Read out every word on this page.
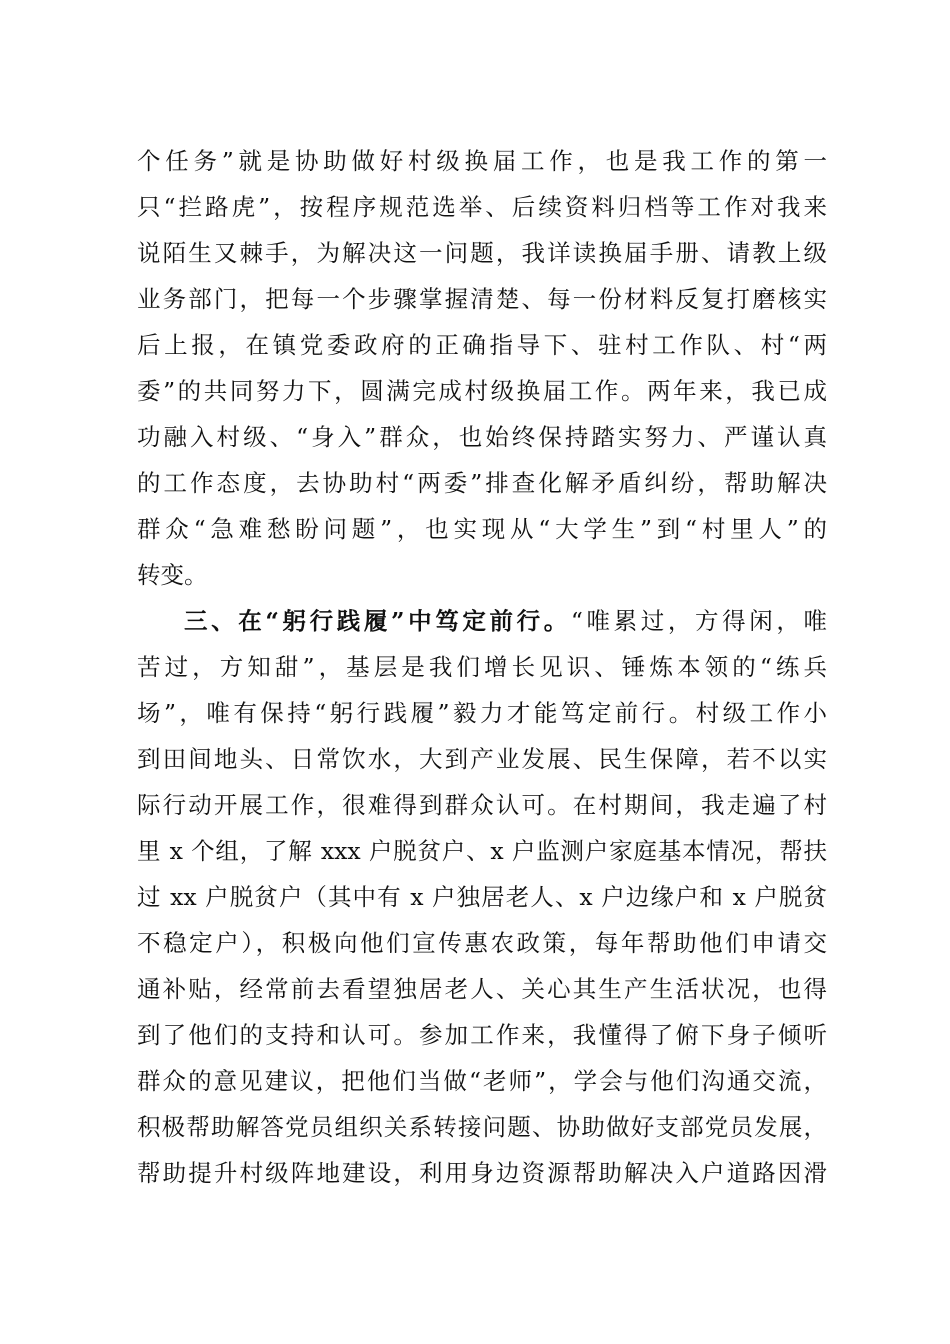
个任务”就是协助做好村级换届工作，也是我工作的第一
只“拦路虎”，按程序规范选举、后续资料归档等工作对我来
说陌生又棘手，为解决这一问题，我详读换届手册、请教上级
业务部门，把每一个步骤掌握清楚、每一份材料反复打磨核实
后上报，在镇党委政府的正确指导下、驻村工作队、村“两
委”的共同努力下，圆满完成村级换届工作。两年来，我已成
功融入村级、“身入”群众，也始终保持踏实努力、严谨认真
的工作态度，去协助村“两委”排查化解矛盾纠纷，帮助解决
群众“急难愁盼问题”，也实现从“大学生”到“村里人”的
转变。
三、在“躬行践履”中笃定前行。“唯累过，方得闲，唯
苦过，方知甜”，基层是我们增长见识、锤炼本领的“练兵
场”，唯有保持“躬行践履”毅力才能笃定前行。村级工作小
到田间地头、日常饮水，大到产业发展、民生保障，若不以实
际行动开展工作，很难得到群众认可。在村期间，我走遍了村
里 x 个组，了解 xxx 户脱贫户、x 户监测户家庭基本情况，帮扶
过 xx 户脱贫户（其中有 x 户独居老人、x 户边缘户和 x 户脱贫
不稳定户），积极向他们宣传惠农政策，每年帮助他们申请交
通补贴，经常前去看望独居老人、关心其生产生活状况，也得
到了他们的支持和认可。参加工作来，我懂得了俯下身子倾听
群众的意见建议，把他们当做“老师”，学会与他们沟通交流，
积极帮助解答党员组织关系转接问题、协助做好支部党员发展，
帮助提升村级阵地建设，利用身边资源帮助解决入户道路因滑
